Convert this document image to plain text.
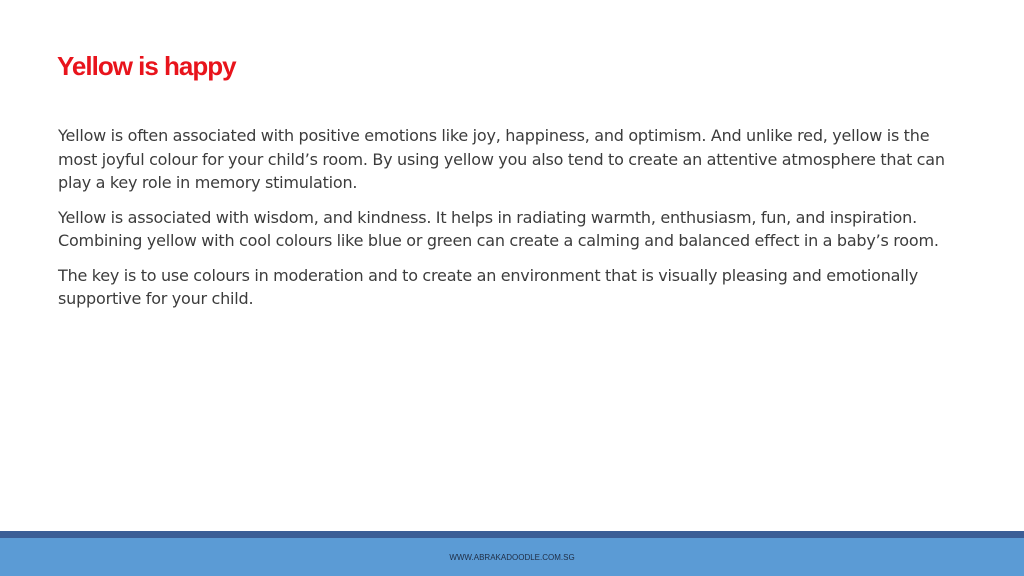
Yellow is happy

Yellow is often associated with positive emotions like joy, happiness, and optimism. And unlike red, yellow is the most joyful colour for your child’s room. By using yellow you also tend to create an attentive atmosphere that can play a key role in memory stimulation.

Yellow is associated with wisdom, and kindness. It helps in radiating warmth, enthusiasm, fun, and inspiration. Combining yellow with cool colours like blue or green can create a calming and balanced effect in a baby’s room.

The key is to use colours in moderation and to create an environment that is visually pleasing and emotionally supportive for your child.

WWW.ABRAKADOODLE.COM.SG
